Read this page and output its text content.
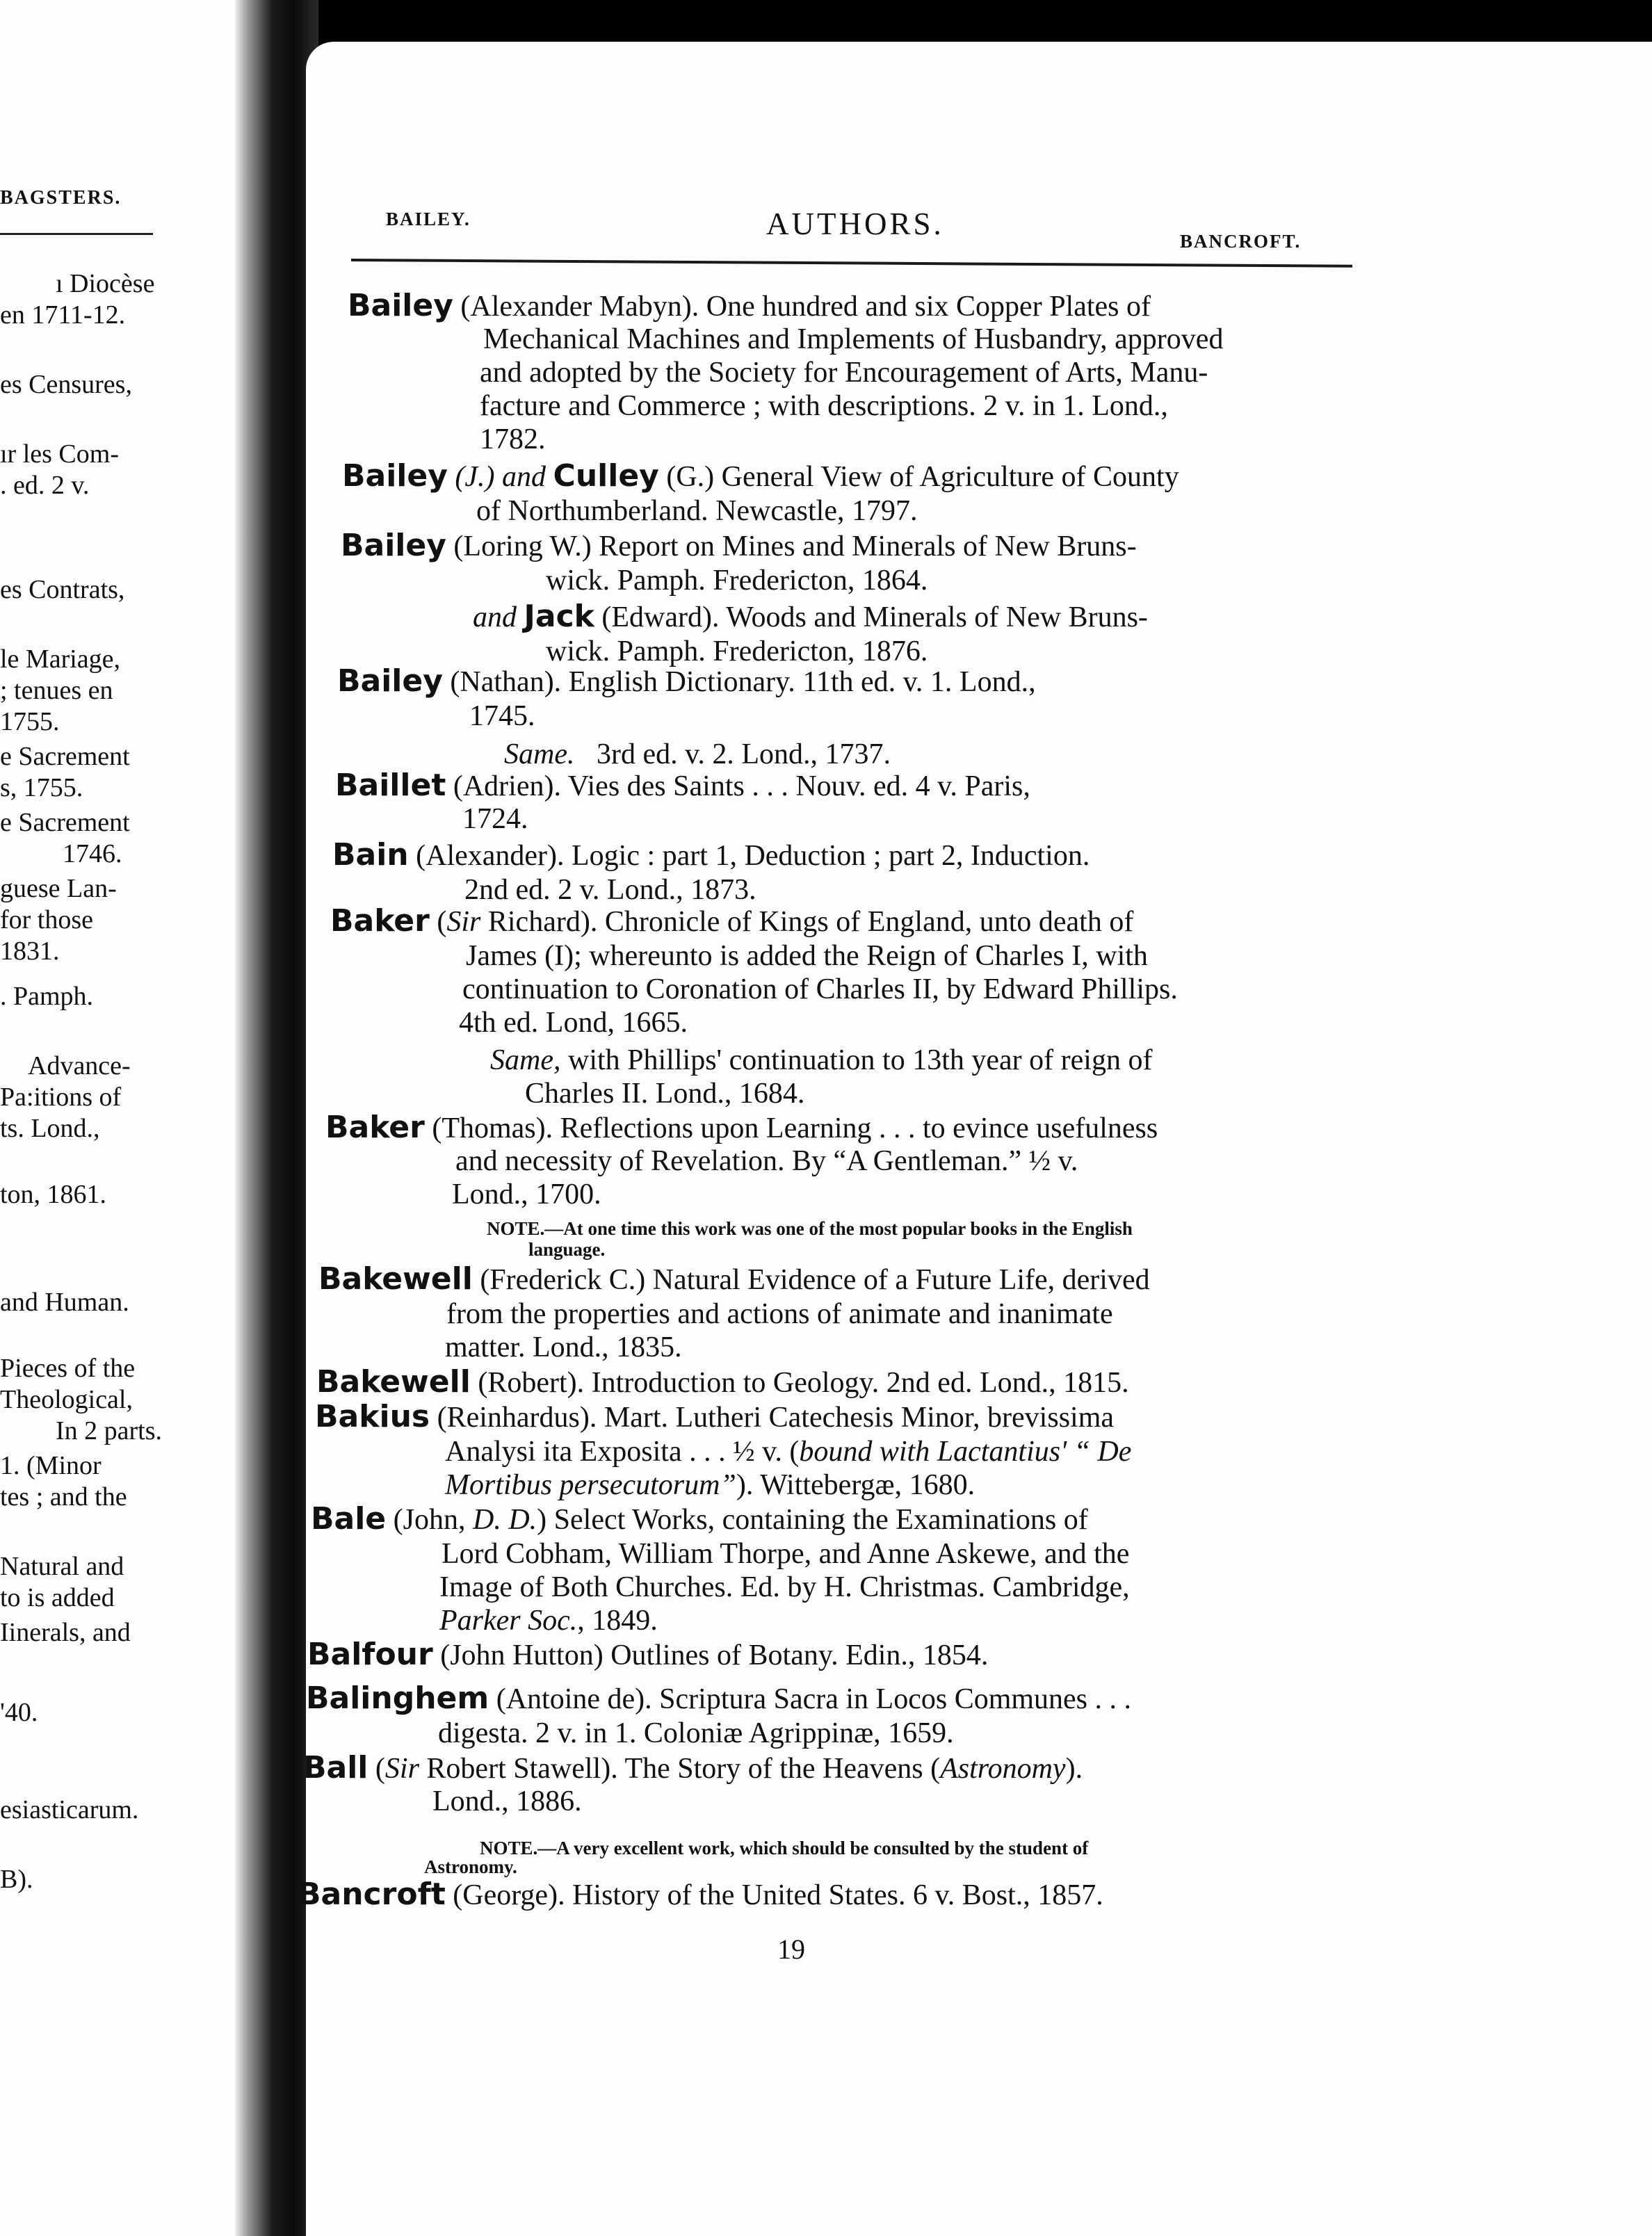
BAGSTERS.
ı Diocèse
en 1711-12.
es Censures,
ır les Com-
. ed. 2 v.
es Contrats,
le Mariage,
; tenues en
1755.
e Sacrement
s, 1755.
e Sacrement
1746.
guese Lan-
for those
1831.
. Pamph.
Advance-
Pa:itions of
ts. Lond.,
ton, 1861.
and Human.
Pieces of the
Theological,
In 2 parts.
1. (Minor
tes ; and the
Natural and
to is added
Iinerals, and
'40.
esiasticarum.
B).
BAILEY.	AUTHORS.	BANCROFT.
Bailey (Alexander Mabyn). One hundred and six Copper Plates of
Mechanical Machines and Implements of Husbandry, approved
and adopted by the Society for Encouragement of Arts, Manu-
facture and Commerce ; with descriptions. 2 v. in 1. Lond.,
1782.
Bailey (J.) and Culley (G.) General View of Agriculture of County
of Northumberland. Newcastle, 1797.
Bailey (Loring W.) Report on Mines and Minerals of New Bruns-
wick. Pamph. Fredericton, 1864.
and Jack (Edward). Woods and Minerals of New Bruns-
wick. Pamph. Fredericton, 1876.
Bailey (Nathan). English Dictionary. 11th ed. v. 1. Lond.,
1745.
Same. 3rd ed. v. 2. Lond., 1737.
Baillet (Adrien). Vies des Saints . . . Nouv. ed. 4 v. Paris,
1724.
Bain (Alexander). Logic : part 1, Deduction ; part 2, Induction.
2nd ed. 2 v. Lond., 1873.
Baker (Sir Richard). Chronicle of Kings of England, unto death of
James (I); whereunto is added the Reign of Charles I, with
continuation to Coronation of Charles II, by Edward Phillips.
4th ed. Lond, 1665.
Same, with Phillips' continuation to 13th year of reign of
Charles II. Lond., 1684.
Baker (Thomas). Reflections upon Learning . . . to evince usefulness
and necessity of Revelation. By “A Gentleman.” ½ v.
Lond., 1700.
NOTE.—At one time this work was one of the most popular books in the English
language.
Bakewell (Frederick C.) Natural Evidence of a Future Life, derived
from the properties and actions of animate and inanimate
matter. Lond., 1835.
Bakewell (Robert). Introduction to Geology. 2nd ed. Lond., 1815.
Bakius (Reinhardus). Mart. Lutheri Catechesis Minor, brevissima
Analysi ita Exposita . . . ½ v. (bound with Lactantius' “ De
Mortibus persecutorum”). Wittebergæ, 1680.
Bale (John, D. D.) Select Works, containing the Examinations of
Lord Cobham, William Thorpe, and Anne Askewe, and the
Image of Both Churches. Ed. by H. Christmas. Cambridge,
Parker Soc., 1849.
Balfour (John Hutton) Outlines of Botany. Edin., 1854.
Balinghem (Antoine de). Scriptura Sacra in Locos Communes . . .
digesta. 2 v. in 1. Coloniæ Agrippinæ, 1659.
Ball (Sir Robert Stawell). The Story of the Heavens (Astronomy).
Lond., 1886.
NOTE.—A very excellent work, which should be consulted by the student of
Astronomy.
Bancroft (George). History of the United States. 6 v. Bost., 1857.
19
